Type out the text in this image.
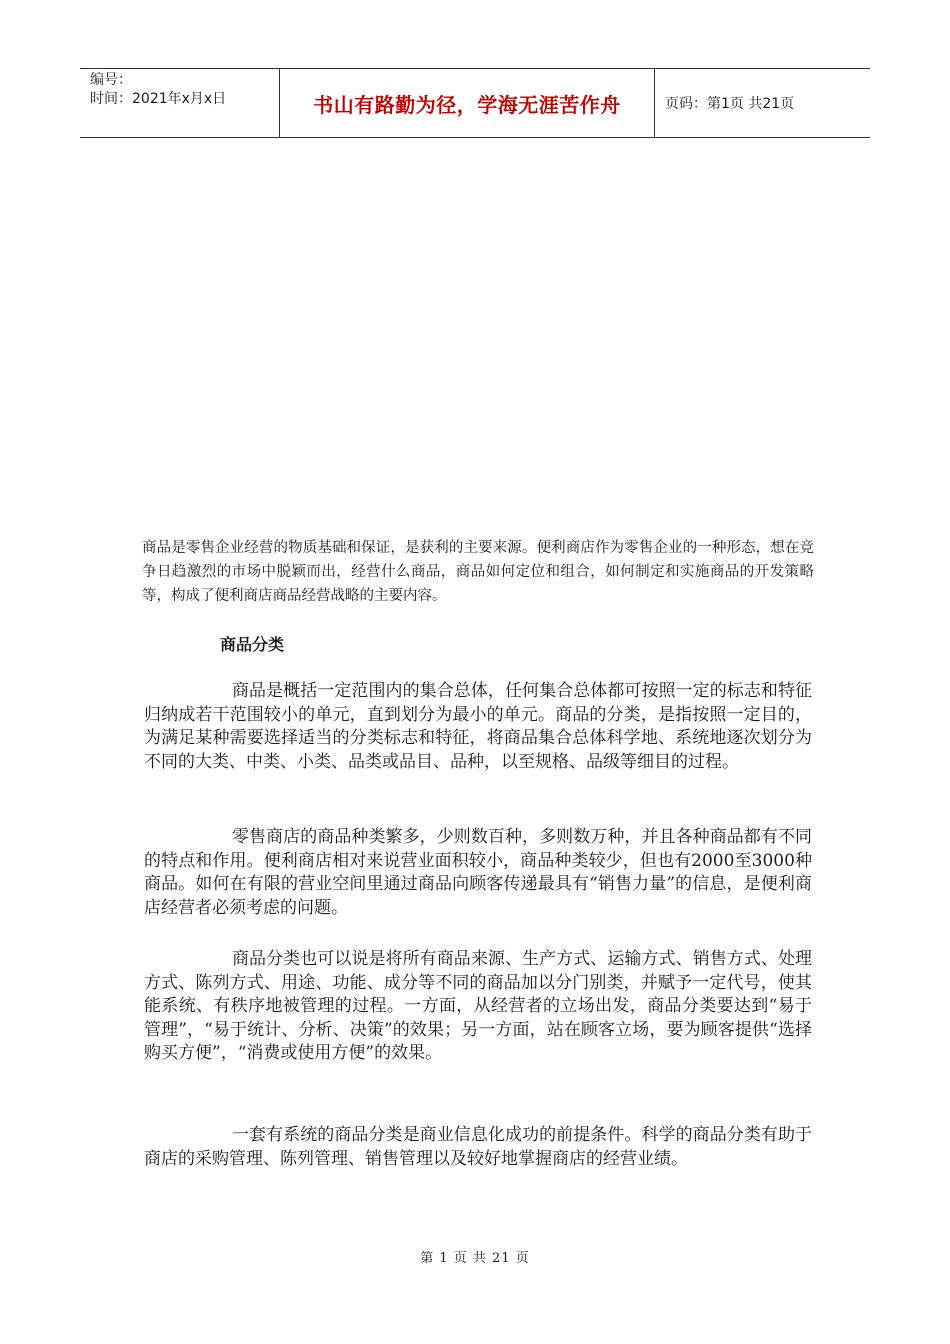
编号：
时间：2021年x月x日	书山有路勤为径，学海无涯苦作舟	页码：第1页 共21页

商品是零售企业经营的物质基础和保证，是获利的主要来源。便利商店作为零售企业的一种形态，想在竞争日趋激烈的市场中脱颖而出，经营什么商品，商品如何定位和组合，如何制定和实施商品的开发策略等，构成了便利商店商品经营战略的主要内容。

商品分类

商品是概括一定范围内的集合总体，任何集合总体都可按照一定的标志和特征归纳成若干范围较小的单元，直到划分为最小的单元。商品的分类，是指按照一定目的，为满足某种需要选择适当的分类标志和特征，将商品集合总体科学地、系统地逐次划分为不同的大类、中类、小类、品类或品目、品种，以至规格、品级等细目的过程。

零售商店的商品种类繁多，少则数百种，多则数万种，并且各种商品都有不同的特点和作用。便利商店相对来说营业面积较小，商品种类较少，但也有2000至3000种商品。如何在有限的营业空间里通过商品向顾客传递最具有“销售力量”的信息，是便利商店经营者必须考虑的问题。

商品分类也可以说是将所有商品来源、生产方式、运输方式、销售方式、处理方式、陈列方式、用途、功能、成分等不同的商品加以分门别类，并赋予一定代号，使其能系统、有秩序地被管理的过程。一方面，从经营者的立场出发，商品分类要达到“易于管理”，“易于统计、分析、决策”的效果；另一方面，站在顾客立场，要为顾客提供“选择购买方便”，“消费或使用方便”的效果。

一套有系统的商品分类是商业信息化成功的前提条件。科学的商品分类有助于商店的采购管理、陈列管理、销售管理以及较好地掌握商店的经营业绩。

第 1 页 共 21 页
